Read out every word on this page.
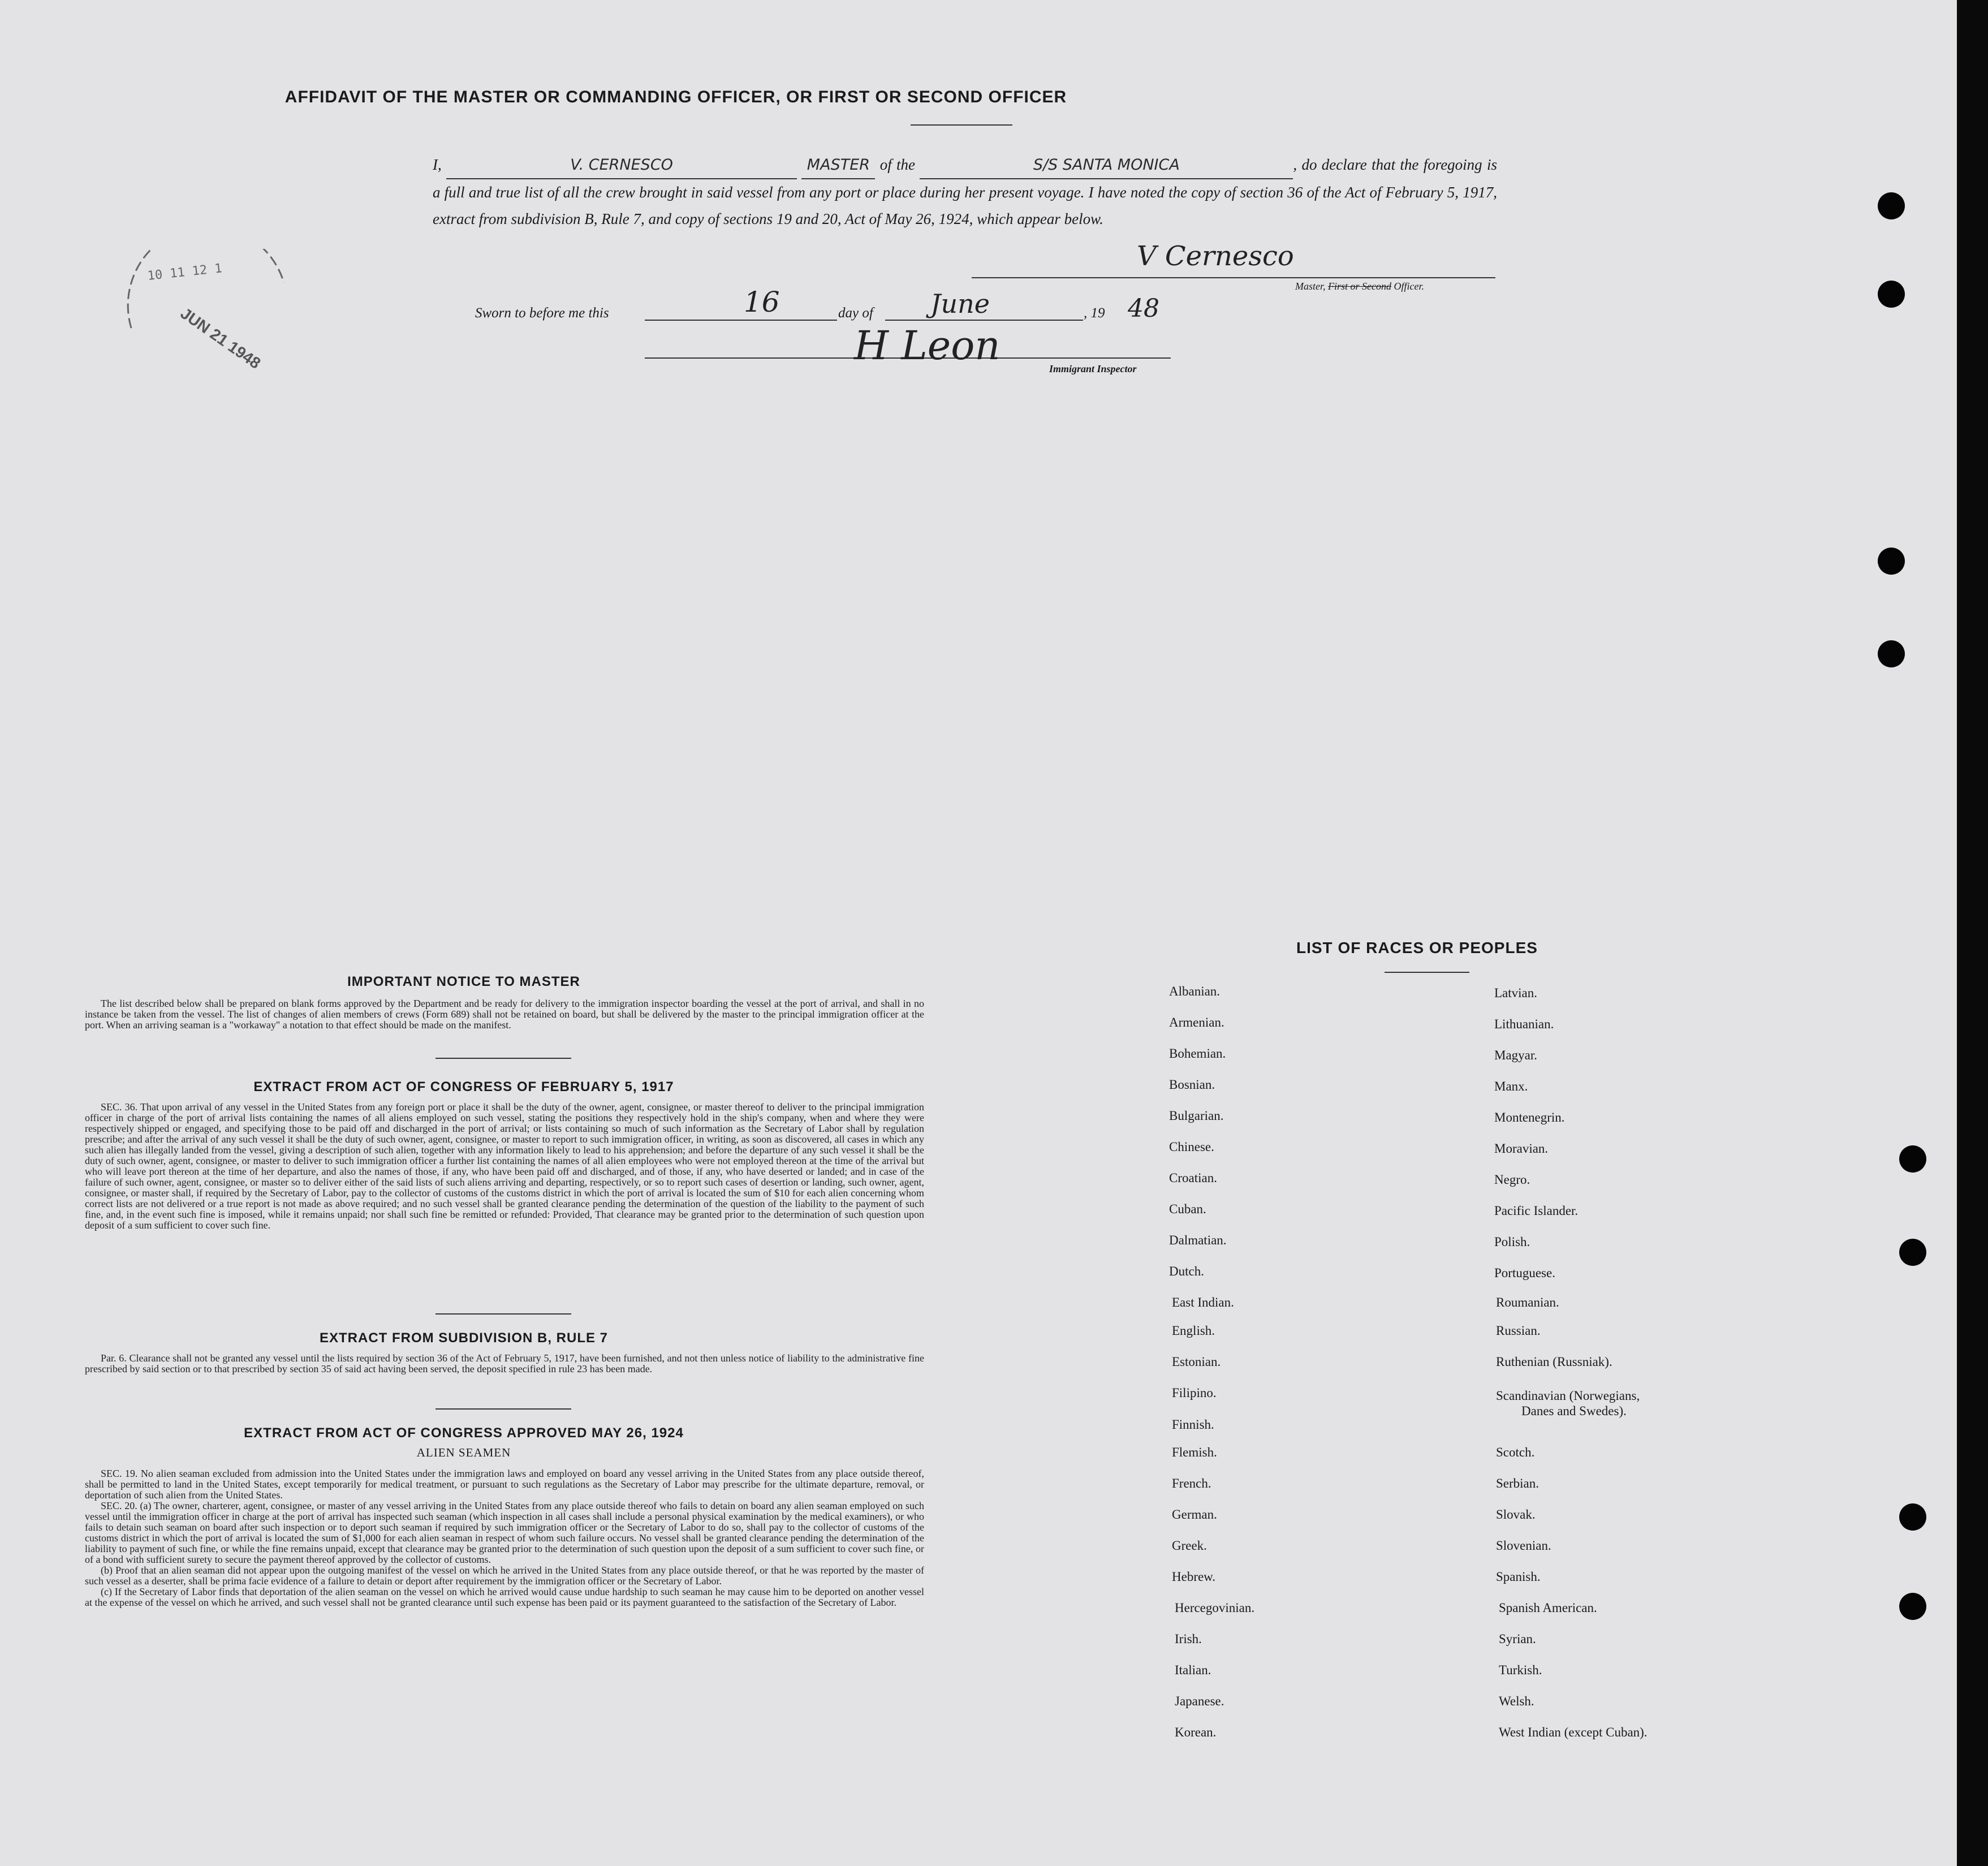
AFFIDAVIT OF THE MASTER OR COMMANDING OFFICER, OR FIRST OR SECOND OFFICER
I,	V. CERNESCO	MASTER of the	S/S SANTA MONICA	, do declare that the foregoing is a full and true list of all the crew brought in said vessel from any port or place during her present voyage. I have noted the copy of section 36 of the Act of February 5, 1917, extract from subdivision B, Rule 7, and copy of sections 19 and 20, Act of May 26, 1924, which appear below.
V Cernesco
Master, First or Second Officer.
Sworn to before me this	16	day of June	, 19 48
H Leon	Immigrant Inspector
10 11 12 1
JUN 21 1948
IMPORTANT NOTICE TO MASTER

The list described below shall be prepared on blank forms approved by the Department and be ready for delivery to the immigration inspector boarding the vessel at the port of arrival, and shall in no instance be taken from the vessel. The list of changes of alien members of crews (Form 689) shall not be retained on board, but shall be delivered by the master to the principal immigration officer at the port. When an arriving seaman is a "workaway" a notation to that effect should be made on the manifest.

EXTRACT FROM ACT OF CONGRESS OF FEBRUARY 5, 1917

SEC. 36. That upon arrival of any vessel in the United States from any foreign port or place it shall be the duty of the owner, agent, consignee, or master thereof to deliver to the principal immigration officer in charge of the port of arrival lists containing the names of all aliens employed on such vessel, stating the positions they respectively hold in the ship's company, when and where they were respectively shipped or engaged, and specifying those to be paid off and discharged in the port of arrival; or lists containing so much of such information as the Secretary of Labor shall by regulation prescribe; and after the arrival of any such vessel it shall be the duty of such owner, agent, consignee, or master to report to such immigration officer, in writing, as soon as discovered, all cases in which any such alien has illegally landed from the vessel, giving a description of such alien, together with any information likely to lead to his apprehension; and before the departure of any such vessel it shall be the duty of such owner, agent, consignee, or master to deliver to such immigration officer a further list containing the names of all alien employees who were not employed thereon at the time of the arrival but who will leave port thereon at the time of her departure, and also the names of those, if any, who have been paid off and discharged, and of those, if any, who have deserted or landed; and in case of the failure of such owner, agent, consignee, or master so to deliver either of the said lists of such aliens arriving and departing, respectively, or so to report such cases of desertion or landing, such owner, agent, consignee, or master shall, if required by the Secretary of Labor, pay to the collector of customs of the customs district in which the port of arrival is located the sum of $10 for each alien concerning whom correct lists are not delivered or a true report is not made as above required; and no such vessel shall be granted clearance pending the determination of the question of the liability to the payment of such fine, and, in the event such fine is imposed, while it remains unpaid; nor shall such fine be remitted or refunded: Provided, That clearance may be granted prior to the determination of such question upon deposit of a sum sufficient to cover such fine.

EXTRACT FROM SUBDIVISION B, RULE 7

Par. 6. Clearance shall not be granted any vessel until the lists required by section 36 of the Act of February 5, 1917, have been furnished, and not then unless notice of liability to the administrative fine prescribed by said section or to that prescribed by section 35 of said act having been served, the deposit specified in rule 23 has been made.

EXTRACT FROM ACT OF CONGRESS APPROVED MAY 26, 1924
ALIEN SEAMEN

SEC. 19. No alien seaman excluded from admission into the United States under the immigration laws and employed on board any vessel arriving in the United States from any place outside thereof, shall be permitted to land in the United States, except temporarily for medical treatment, or pursuant to such regulations as the Secretary of Labor may prescribe for the ultimate departure, removal, or deportation of such alien from the United States.

SEC. 20. (a) The owner, charterer, agent, consignee, or master of any vessel arriving in the United States from any place outside thereof who fails to detain on board any alien seaman employed on such vessel until the immigration officer in charge at the port of arrival has inspected such seaman (which inspection in all cases shall include a personal physical examination by the medical examiners), or who fails to detain such seaman on board after such inspection or to deport such seaman if required by such immigration officer or the Secretary of Labor to do so, shall pay to the collector of customs of the customs district in which the port of arrival is located the sum of $1,000 for each alien seaman in respect of whom such failure occurs. No vessel shall be granted clearance pending the determination of the liability to payment of such fine, or while the fine remains unpaid, except that clearance may be granted prior to the determination of such question upon the deposit of a sum sufficient to cover such fine, or of a bond with sufficient surety to secure the payment thereof approved by the collector of customs.

(b) Proof that an alien seaman did not appear upon the outgoing manifest of the vessel on which he arrived in the United States from any place outside thereof, or that he was reported by the master of such vessel as a deserter, shall be prima facie evidence of a failure to detain or deport after requirement by the immigration officer or the Secretary of Labor.

(c) If the Secretary of Labor finds that deportation of the alien seaman on the vessel on which he arrived would cause undue hardship to such seaman he may cause him to be deported on another vessel at the expense of the vessel on which he arrived, and such vessel shall not be granted clearance until such expense has been paid or its payment guaranteed to the satisfaction of the Secretary of Labor.

LIST OF RACES OR PEOPLES
Albanian.
Armenian.
Bohemian.
Bosnian.
Bulgarian.
Chinese.
Croatian.
Cuban.
Dalmatian.
Dutch.
East Indian.
English.
Estonian.
Filipino.
Finnish.
Flemish.
French.
German.
Greek.
Hebrew.
Hercegovinian.
Irish.
Italian.
Japanese.
Korean.
Latvian.
Lithuanian.
Magyar.
Manx.
Montenegrin.
Moravian.
Negro.
Pacific Islander.
Polish.
Portuguese.
Roumanian.
Russian.
Ruthenian (Russniak).
Scandinavian (Norwegians,
Danes and Swedes).
Scotch.
Serbian.
Slovak.
Slovenian.
Spanish.
Spanish American.
Syrian.
Turkish.
Welsh.
West Indian (except Cuban).
